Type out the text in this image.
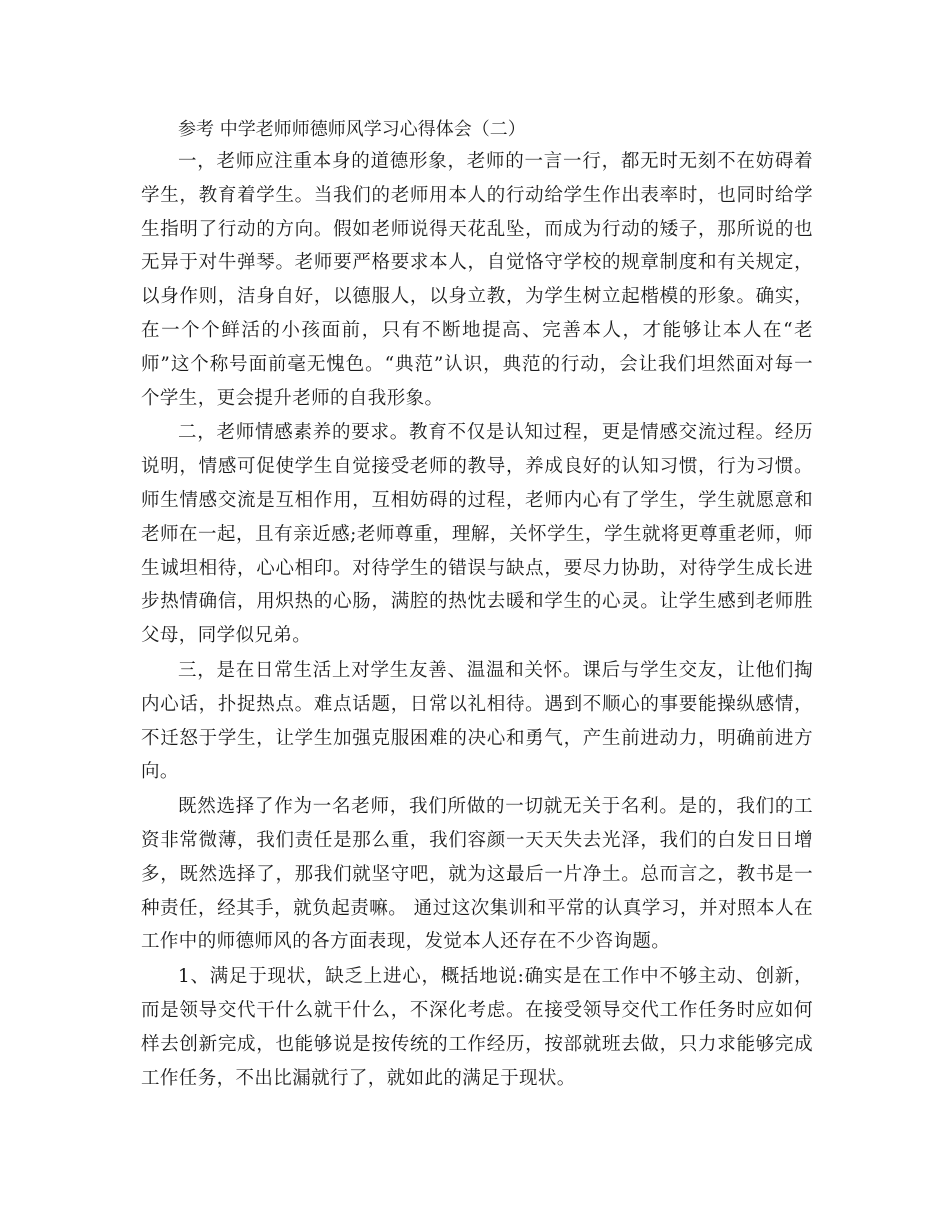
参考 中学老师师德师风学习心得体会（二）

一，老师应注重本身的道德形象，老师的一言一行，都无时无刻不在妨碍着学生，教育着学生。当我们的老师用本人的行动给学生作出表率时，也同时给学生指明了行动的方向。假如老师说得天花乱坠，而成为行动的矮子，那所说的也无异于对牛弹琴。老师要严格要求本人，自觉恪守学校的规章制度和有关规定，以身作则，洁身自好，以德服人，以身立教，为学生树立起楷模的形象。确实，在一个个鲜活的小孩面前，只有不断地提高、完善本人，才能够让本人在“老师”这个称号面前毫无愧色。“典范”认识，典范的行动，会让我们坦然面对每一个学生，更会提升老师的自我形象。

二，老师情感素养的要求。教育不仅是认知过程，更是情感交流过程。经历说明，情感可促使学生自觉接受老师的教导，养成良好的认知习惯，行为习惯。师生情感交流是互相作用，互相妨碍的过程，老师内心有了学生，学生就愿意和老师在一起，且有亲近感;老师尊重，理解，关怀学生，学生就将更尊重老师，师生诚坦相待，心心相印。对待学生的错误与缺点，要尽力协助，对待学生成长进步热情确信，用炽热的心肠，满腔的热忱去暖和学生的心灵。让学生感到老师胜父母，同学似兄弟。

三，是在日常生活上对学生友善、温温和关怀。课后与学生交友，让他们掏内心话，扑捉热点。难点话题，日常以礼相待。遇到不顺心的事要能操纵感情，不迁怒于学生，让学生加强克服困难的决心和勇气，产生前进动力，明确前进方向。

既然选择了作为一名老师，我们所做的一切就无关于名利。是的，我们的工资非常微薄，我们责任是那么重，我们容颜一天天失去光泽，我们的白发日日增多，既然选择了，那我们就坚守吧，就为这最后一片净土。总而言之，教书是一种责任，经其手，就负起责嘛。 通过这次集训和平常的认真学习，并对照本人在工作中的师德师风的各方面表现，发觉本人还存在不少咨询题。

1、满足于现状，缺乏上进心，概括地说:确实是在工作中不够主动、创新，而是领导交代干什么就干什么，不深化考虑。在接受领导交代工作任务时应如何样去创新完成，也能够说是按传统的工作经历，按部就班去做，只力求能够完成工作任务，不出比漏就行了，就如此的满足于现状。
